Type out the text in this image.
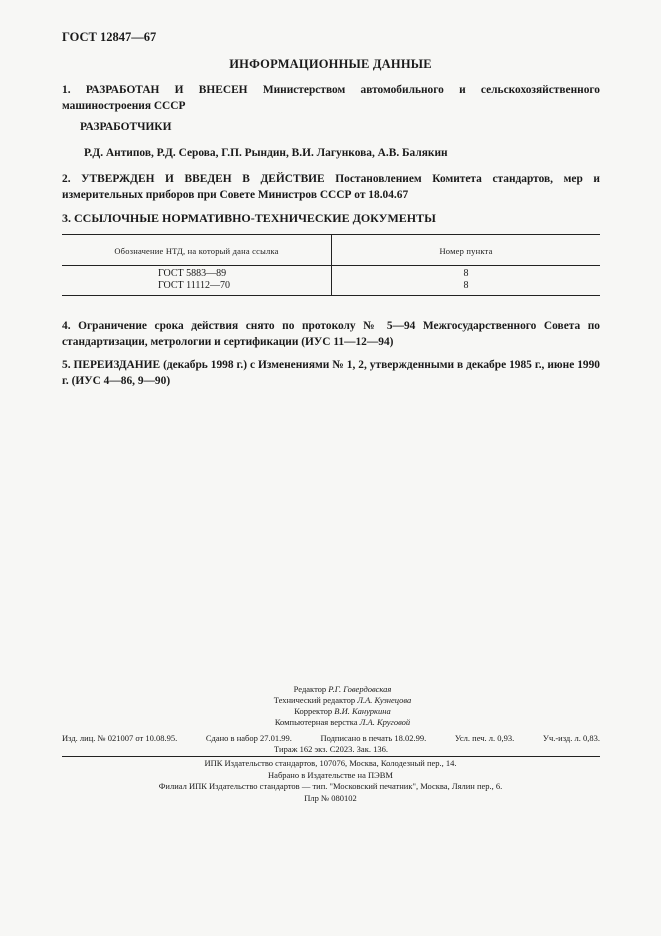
ГОСТ 12847—67
ИНФОРМАЦИОННЫЕ ДАННЫЕ
1. РАЗРАБОТАН И ВНЕСЕН Министерством автомобильного и сельскохозяйственного машиностроения СССР
РАЗРАБОТЧИКИ
Р.Д. Антипов, Р.Д. Серова, Г.П. Рындин, В.И. Лагункова, А.В. Балякин
2. УТВЕРЖДЕН И ВВЕДЕН В ДЕЙСТВИЕ Постановлением Комитета стандартов, мер и измерительных приборов при Совете Министров СССР от 18.04.67
3. ССЫЛОЧНЫЕ НОРМАТИВНО-ТЕХНИЧЕСКИЕ ДОКУМЕНТЫ
Обозначение НТД, на который дана ссылка	Номер пункта
ГОСТ 5883—89	8
ГОСТ 11112—70	8
4. Ограничение срока действия снято по протоколу № 5—94 Межгосударственного Совета по стандартизации, метрологии и сертификации (ИУС 11—12—94)
5. ПЕРЕИЗДАНИЕ (декабрь 1998 г.) с Изменениями № 1, 2, утвержденными в декабре 1985 г., июне 1990 г. (ИУС 4—86, 9—90)
Редактор Р.Г. Говердовская
Технический редактор Л.А. Кузнецова
Корректор В.И. Кануркина
Компьютерная верстка Л.А. Круговой
Изд. лиц. № 021007 от 10.08.95.	Сдано в набор 27.01.99.	Подписано в печать 18.02.99.	Усл. печ. л. 0,93.	Уч.-изд. л. 0,83.
Тираж 162 экз. С2023. Зак. 136.
ИПК Издательство стандартов, 107076, Москва, Колодезный пер., 14.
Набрано в Издательстве на ПЭВМ
Филиал ИПК Издательство стандартов — тип. "Московский печатник", Москва, Лялин пер., 6.
Плр № 080102
